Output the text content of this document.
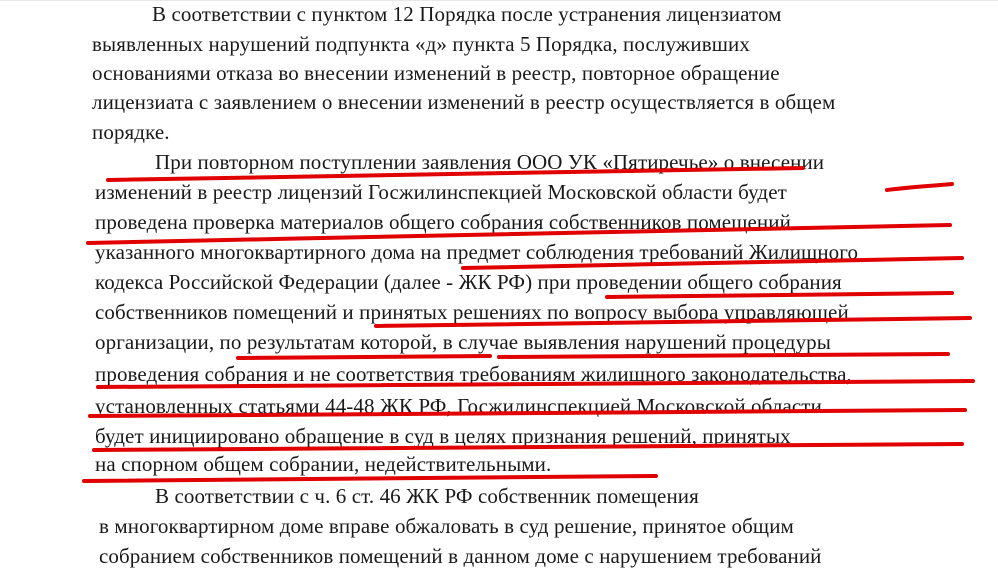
В соответствии с пунктом 12 Порядка после устранения лицензиатом
выявленных нарушений подпункта «д» пункта 5 Порядка, послуживших
основаниями отказа во внесении изменений в реестр, повторное обращение
лицензиата с заявлением о внесении изменений в реестр осуществляется в общем
порядке.
При повторном поступлении заявления ООО УК «Пятиречье» о внесении
изменений в реестр лицензий Госжилинспекцией Московской области будет
проведена проверка материалов общего собрания собственников помещений
указанного многоквартирного дома на предмет соблюдения требований Жилищного
кодекса Российской Федерации (далее - ЖК РФ) при проведении общего собрания
собственников помещений и принятых решениях по вопросу выбора управляющей
организации, по результатам которой, в случае выявления нарушений процедуры
проведения собрания и не соответствия требованиям жилищного законодательства,
установленных статьями 44-48 ЖК РФ, Госжилинспекцией Московской области
будет инициировано обращение в суд в целях признания решений, принятых
на спорном общем собрании, недействительными.
В соответствии с ч. 6 ст. 46 ЖК РФ собственник помещения
в многоквартирном доме вправе обжаловать в суд решение, принятое общим
собранием собственников помещений в данном доме с нарушением требований
